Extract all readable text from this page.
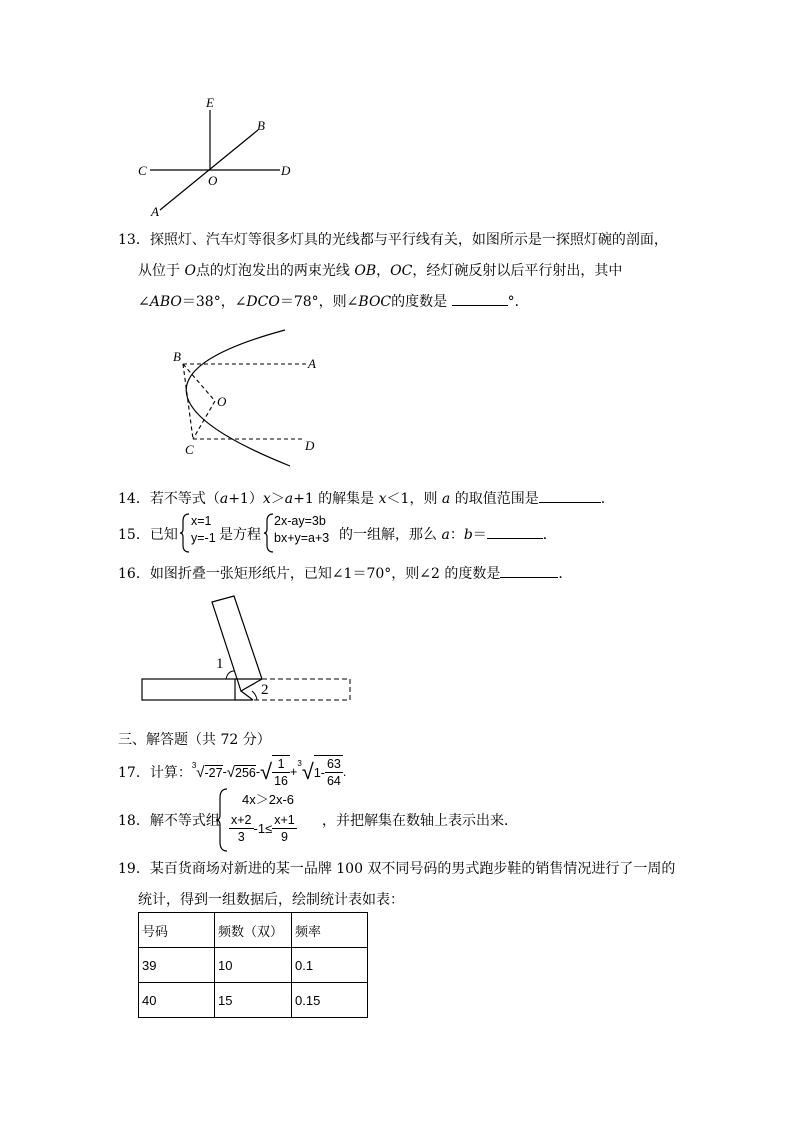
E
B
C
O
D
A
13．探照灯、汽车灯等很多灯具的光线都与平行线有关，如图所示是一探照灯碗的剖面，
从位于 O点的灯泡发出的两束光线 OB，OC，经灯碗反射以后平行射出，其中
∠ABO＝38°，∠DCO＝78°，则∠BOC的度数是	°．
B	A
O
C	D
14．若不等式（a+1）x＞a+1 的解集是 x＜1，则 a 的取值范围是	．
15．已知
x=1
y=-1 是方程
2x-ay=3b
bx+y=a+3 的一组解，那么 a：b＝	．
16．如图折叠一张矩形纸片，已知∠1＝70°，则∠2 的度数是	．
1
2
三、解答题（共 72 分）
17．计算： 3 √ -27 - √ 256 - √ $\frac{1}{16}$ +
3 √ $1- \frac{63}{64}$ .
18．解不等式组
4x＞2x-6
$\frac{x+2}{3} -1\le \frac{x+1}{9}$ ，并把解集在数轴上表示出来．
19．某百货商场对新进的某一品牌 100 双不同号码的男式跑步鞋的销售情况进行了一周的
统计，得到一组数据后，绘制统计表如表：
号码	频数（双）	频率
39	10	0.1
40	15	0.15
